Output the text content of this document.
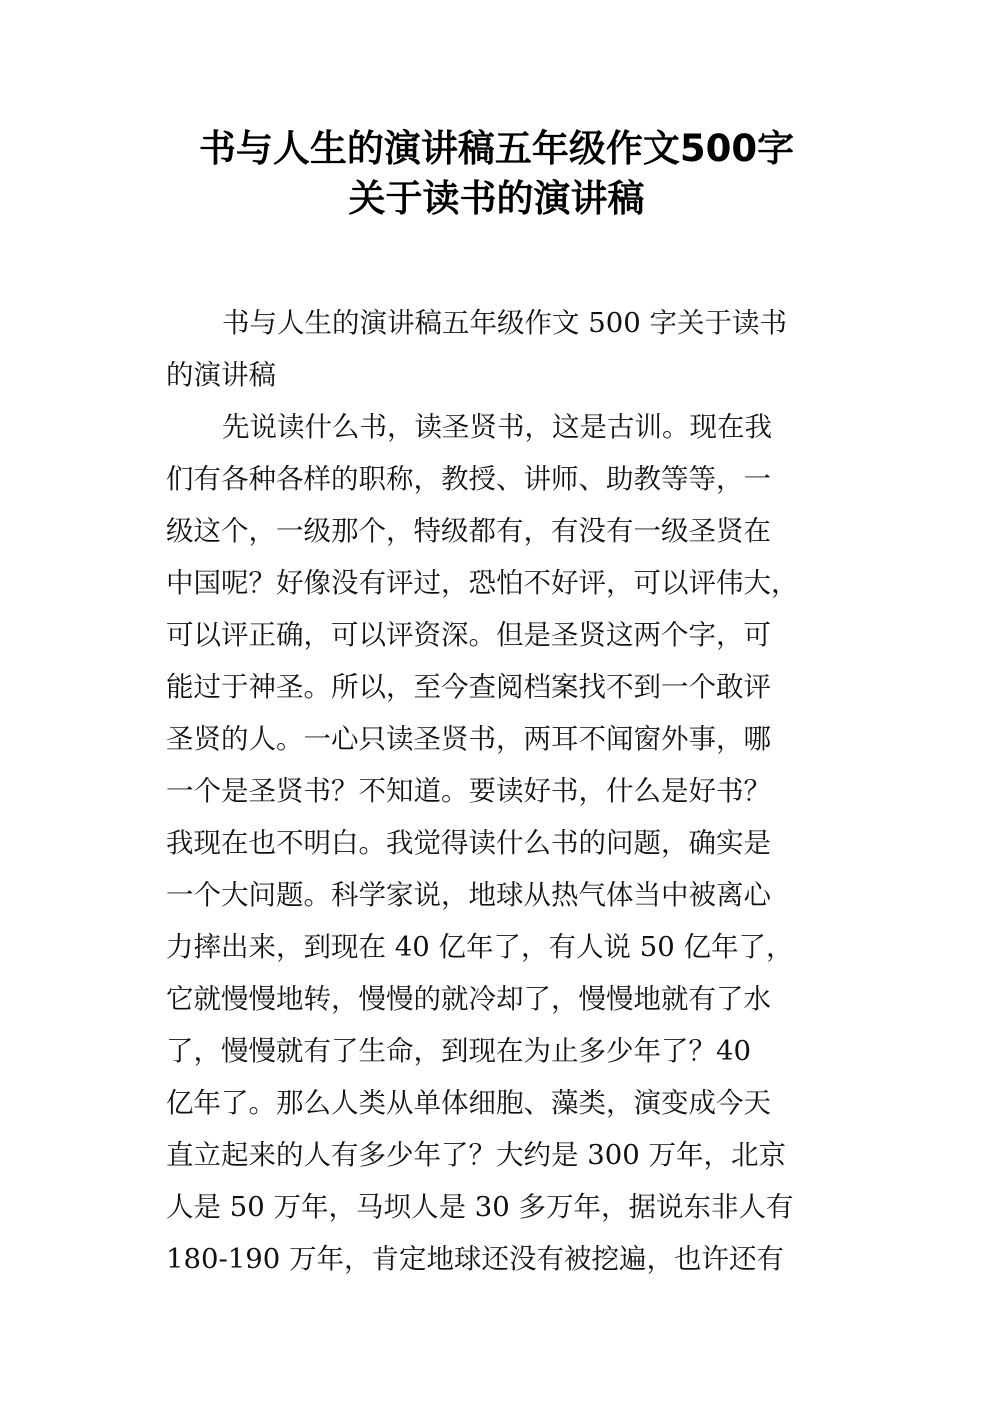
书与人生的演讲稿五年级作文500字
关于读书的演讲稿
书与人生的演讲稿五年级作文 500 字关于读书
的演讲稿
先说读什么书，读圣贤书，这是古训。现在我
们有各种各样的职称，教授、讲师、助教等等，一
级这个，一级那个，特级都有，有没有一级圣贤在
中国呢？好像没有评过，恐怕不好评，可以评伟大，
可以评正确，可以评资深。但是圣贤这两个字，可
能过于神圣。所以，至今查阅档案找不到一个敢评
圣贤的人。一心只读圣贤书，两耳不闻窗外事，哪
一个是圣贤书？不知道。要读好书，什么是好书？
我现在也不明白。我觉得读什么书的问题，确实是
一个大问题。科学家说，地球从热气体当中被离心
力摔出来，到现在 40 亿年了，有人说 50 亿年了，
它就慢慢地转，慢慢的就冷却了，慢慢地就有了水
了，慢慢就有了生命，到现在为止多少年了？40
亿年了。那么人类从单体细胞、藻类，演变成今天
直立起来的人有多少年了？大约是 300 万年，北京
人是 50 万年，马坝人是 30 多万年，据说东非人有
180-190 万年，肯定地球还没有被挖遍，也许还有
